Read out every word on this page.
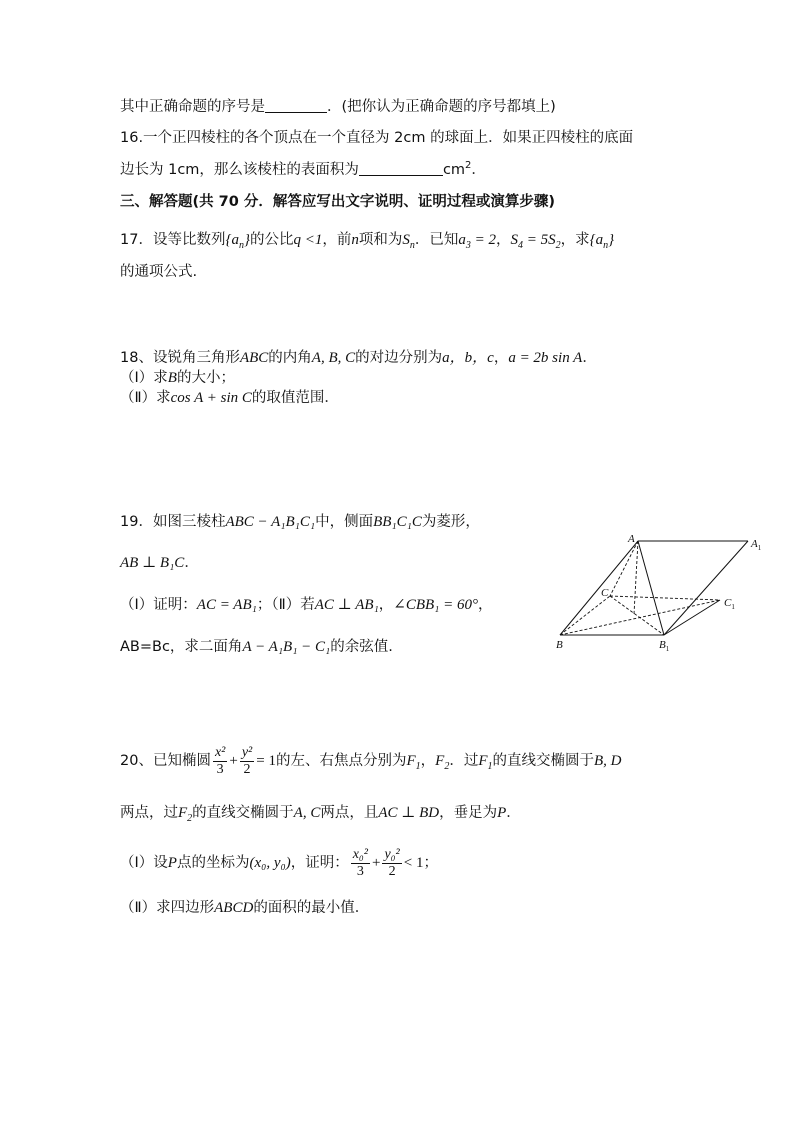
其中正确命题的序号是	．(把你认为正确命题的序号都填上)
16.一个正四棱柱的各个顶点在一个直径为 2cm 的球面上．如果正四棱柱的底面
边长为 1cm，那么该棱柱的表面积为	$cm^2$．
三、解答题(共 70 分．解答应写出文字说明、证明过程或演算步骤)
17．设等比数列$\{a_n\}$的公比q <1，前n项和为$S_n$．已知$a_3 = 2$，$S_4 = 5S_2$，求$\{a_n\}$
的通项公式.
18、设锐角三角形ABC的内角A, B, C的对边分别为a，b，c，a = 2b sin A．
（Ⅰ）求B的大小；
（Ⅱ）求cos A + sin C的取值范围．
19．如图三棱柱ABC − A₁B₁C₁中，侧面BB₁C₁C为菱形，
AB ⊥ B₁C．
（Ⅰ）证明：AC = AB₁；（Ⅱ）若AC ⊥ AB₁，∠CBB₁ = 60°，
AB=Bc，求二面角A − A₁B₁ − C₁的余弦值.
A	$A_1$
C
$C_1$
B	$B_1$
20、已知椭圆 $\frac{\text{x²}}{3} + \frac{\text{y²}}{2} = 1$的左、右焦点分别为$F_1$，$F_2$．过$F_1$的直线交椭圆于B, D
两点，过$F_2$的直线交椭圆于A, C两点，且AC ⊥ BD，垂足为P．
（Ⅰ）设P点的坐标为(x₀, y₀)，证明： $\frac{\text{x₀²}}{3} + \frac{\text{y₀²}}{2} < 1$；
（Ⅱ）求四边形ABCD的面积的最小值．
